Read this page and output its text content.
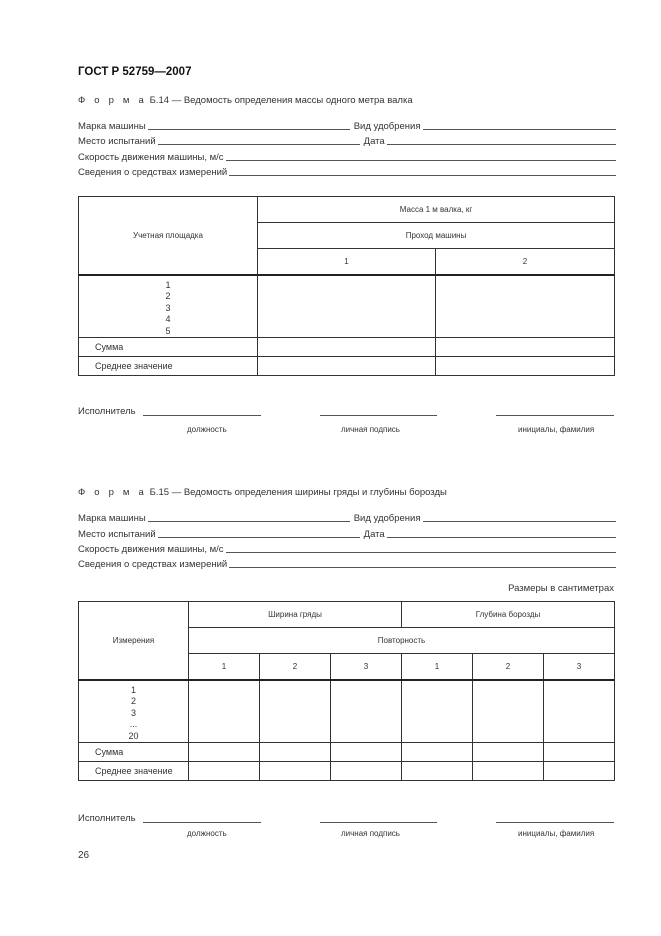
ГОСТ Р 52759—2007
Ф о р м а Б.14 — Ведомость определения массы одного метра валка
Марка машины	Вид удобрения
Место испытаний	Дата
Скорость движения машины, м/с
Сведения о средствах измерений
Учетная площадка	Масса 1 м валка, кг	
	Проход машины	
	1	2

1
2
3
4
5		

Сумма		
Среднее значение		
Исполнитель
должность	личная подпись	инициалы, фамилия
Ф о р м а Б.15 — Ведомость определения ширины гряды и глубины борозды
Марка машины	Вид удобрения
Место испытаний	Дата
Скорость движения машины, м/с
Сведения о средствах измерений
Размеры в сантиметрах
Измерения	Ширина гряды			Глубина борозды		
	Повторность					
	1	2	3	1	2	3

1
2
3
...
20						

Сумма						
Среднее значение						
Исполнитель
должность	личная подпись	инициалы, фамилия
26
